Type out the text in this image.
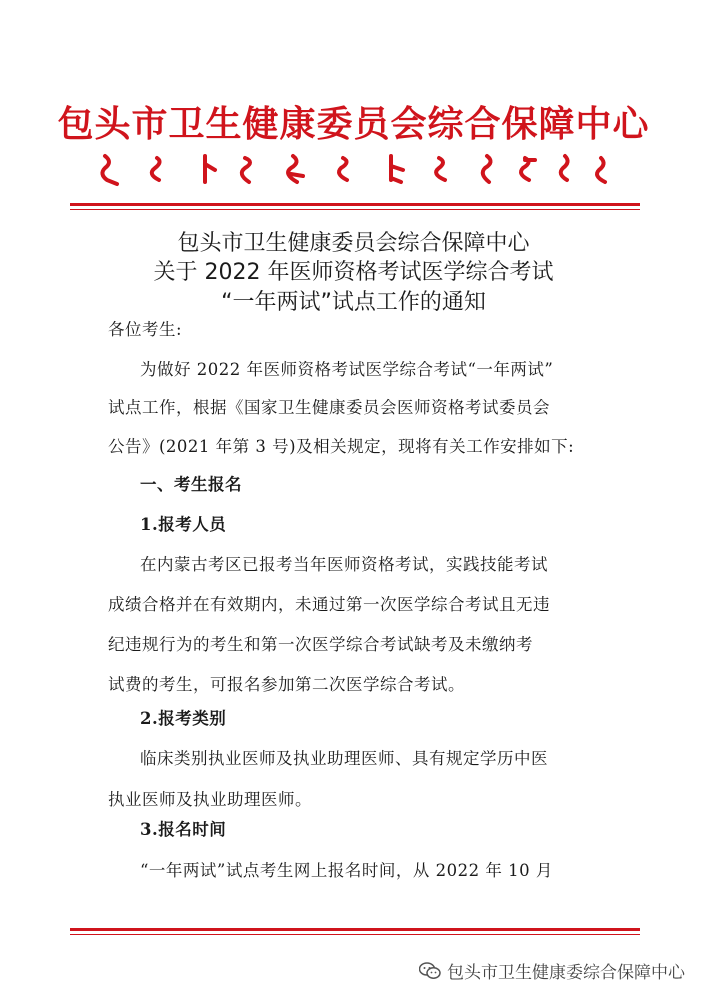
包头市卫生健康委员会综合保障中心
包头市卫生健康委员会综合保障中心
关于 2022 年医师资格考试医学综合考试
“一年两试”试点工作的通知
各位考生:
为做好 2022 年医师资格考试医学综合考试“一年两试”
试点工作，根据《国家卫生健康委员会医师资格考试委员会
公告》(2021 年第 3 号)及相关规定，现将有关工作安排如下:
一、考生报名
1.报考人员
在内蒙古考区已报考当年医师资格考试，实践技能考试
成绩合格并在有效期内，未通过第一次医学综合考试且无违
纪违规行为的考生和第一次医学综合考试缺考及未缴纳考
试费的考生，可报名参加第二次医学综合考试。
2.报考类别
临床类别执业医师及执业助理医师、具有规定学历中医
执业医师及执业助理医师。
3.报名时间
包头市卫生健康委综合保障中心
“一年两试”试点考生网上报名时间，从 2022 年 10 月
